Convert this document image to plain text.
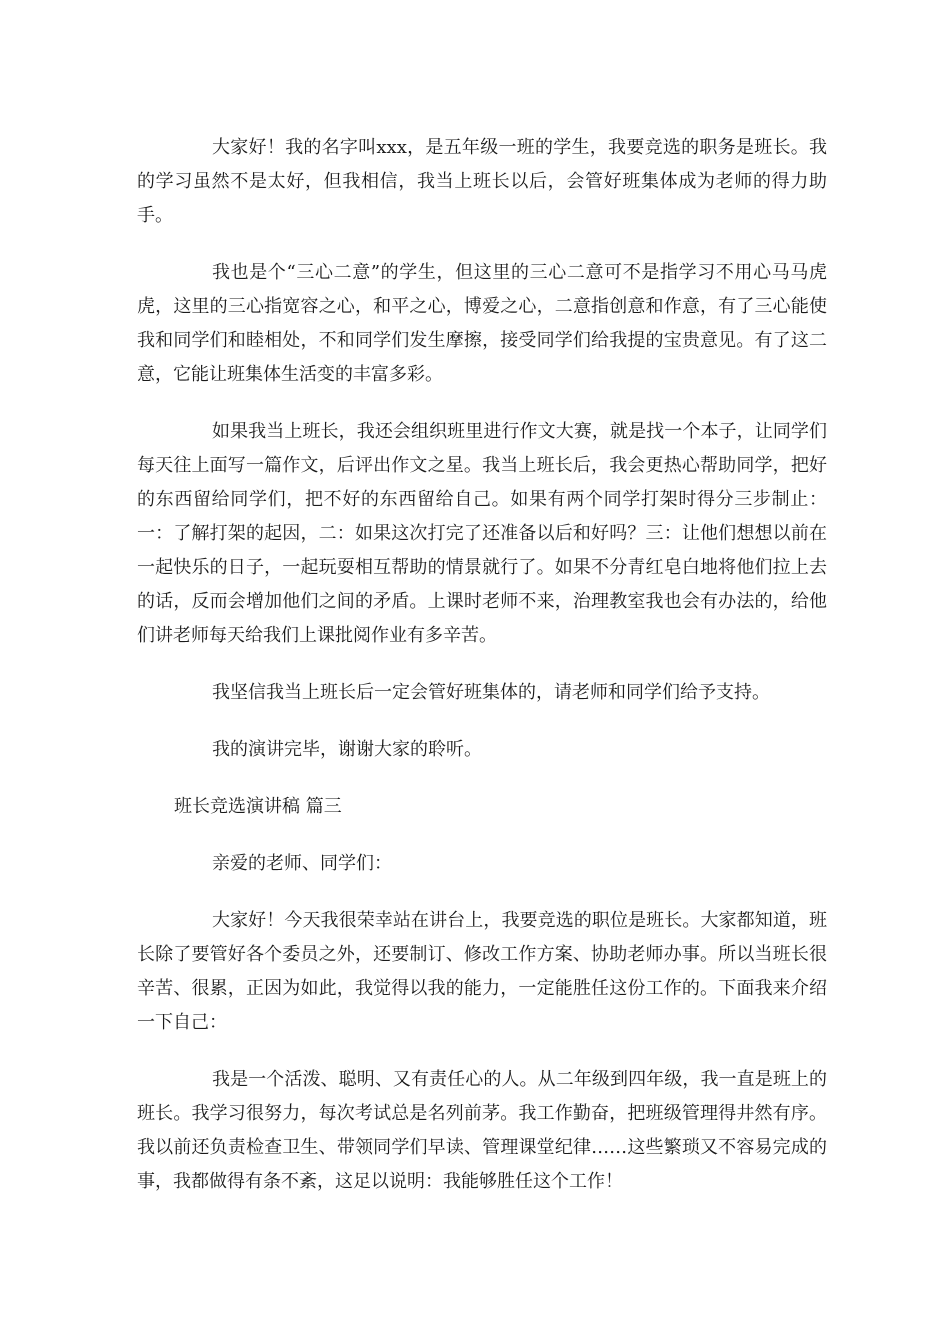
大家好！我的名字叫xxx，是五年级一班的学生，我要竞选的职务是班长。我的学习虽然不是太好，但我相信，我当上班长以后，会管好班集体成为老师的得力助手。

我也是个“三心二意”的学生，但这里的三心二意可不是指学习不用心马马虎虎，这里的三心指宽容之心，和平之心，博爱之心，二意指创意和作意，有了三心能使我和同学们和睦相处，不和同学们发生摩擦，接受同学们给我提的宝贵意见。有了这二意，它能让班集体生活变的丰富多彩。

如果我当上班长，我还会组织班里进行作文大赛，就是找一个本子，让同学们每天往上面写一篇作文，后评出作文之星。我当上班长后，我会更热心帮助同学，把好的东西留给同学们，把不好的东西留给自己。如果有两个同学打架时得分三步制止：一：了解打架的起因，二：如果这次打完了还准备以后和好吗？三：让他们想想以前在一起快乐的日子，一起玩耍相互帮助的情景就行了。如果不分青红皂白地将他们拉上去的话，反而会增加他们之间的矛盾。上课时老师不来，治理教室我也会有办法的，给他们讲老师每天给我们上课批阅作业有多辛苦。

我坚信我当上班长后一定会管好班集体的，请老师和同学们给予支持。

我的演讲完毕，谢谢大家的聆听。

班长竞选演讲稿 篇三

亲爱的老师、同学们：

大家好！今天我很荣幸站在讲台上，我要竞选的职位是班长。大家都知道，班长除了要管好各个委员之外，还要制订、修改工作方案、协助老师办事。所以当班长很辛苦、很累，正因为如此，我觉得以我的能力，一定能胜任这份工作的。下面我来介绍一下自己：

我是一个活泼、聪明、又有责任心的人。从二年级到四年级，我一直是班上的班长。我学习很努力，每次考试总是名列前茅。我工作勤奋，把班级管理得井然有序。我以前还负责检查卫生、带领同学们早读、管理课堂纪律……这些繁琐又不容易完成的事，我都做得有条不紊，这足以说明：我能够胜任这个工作！
